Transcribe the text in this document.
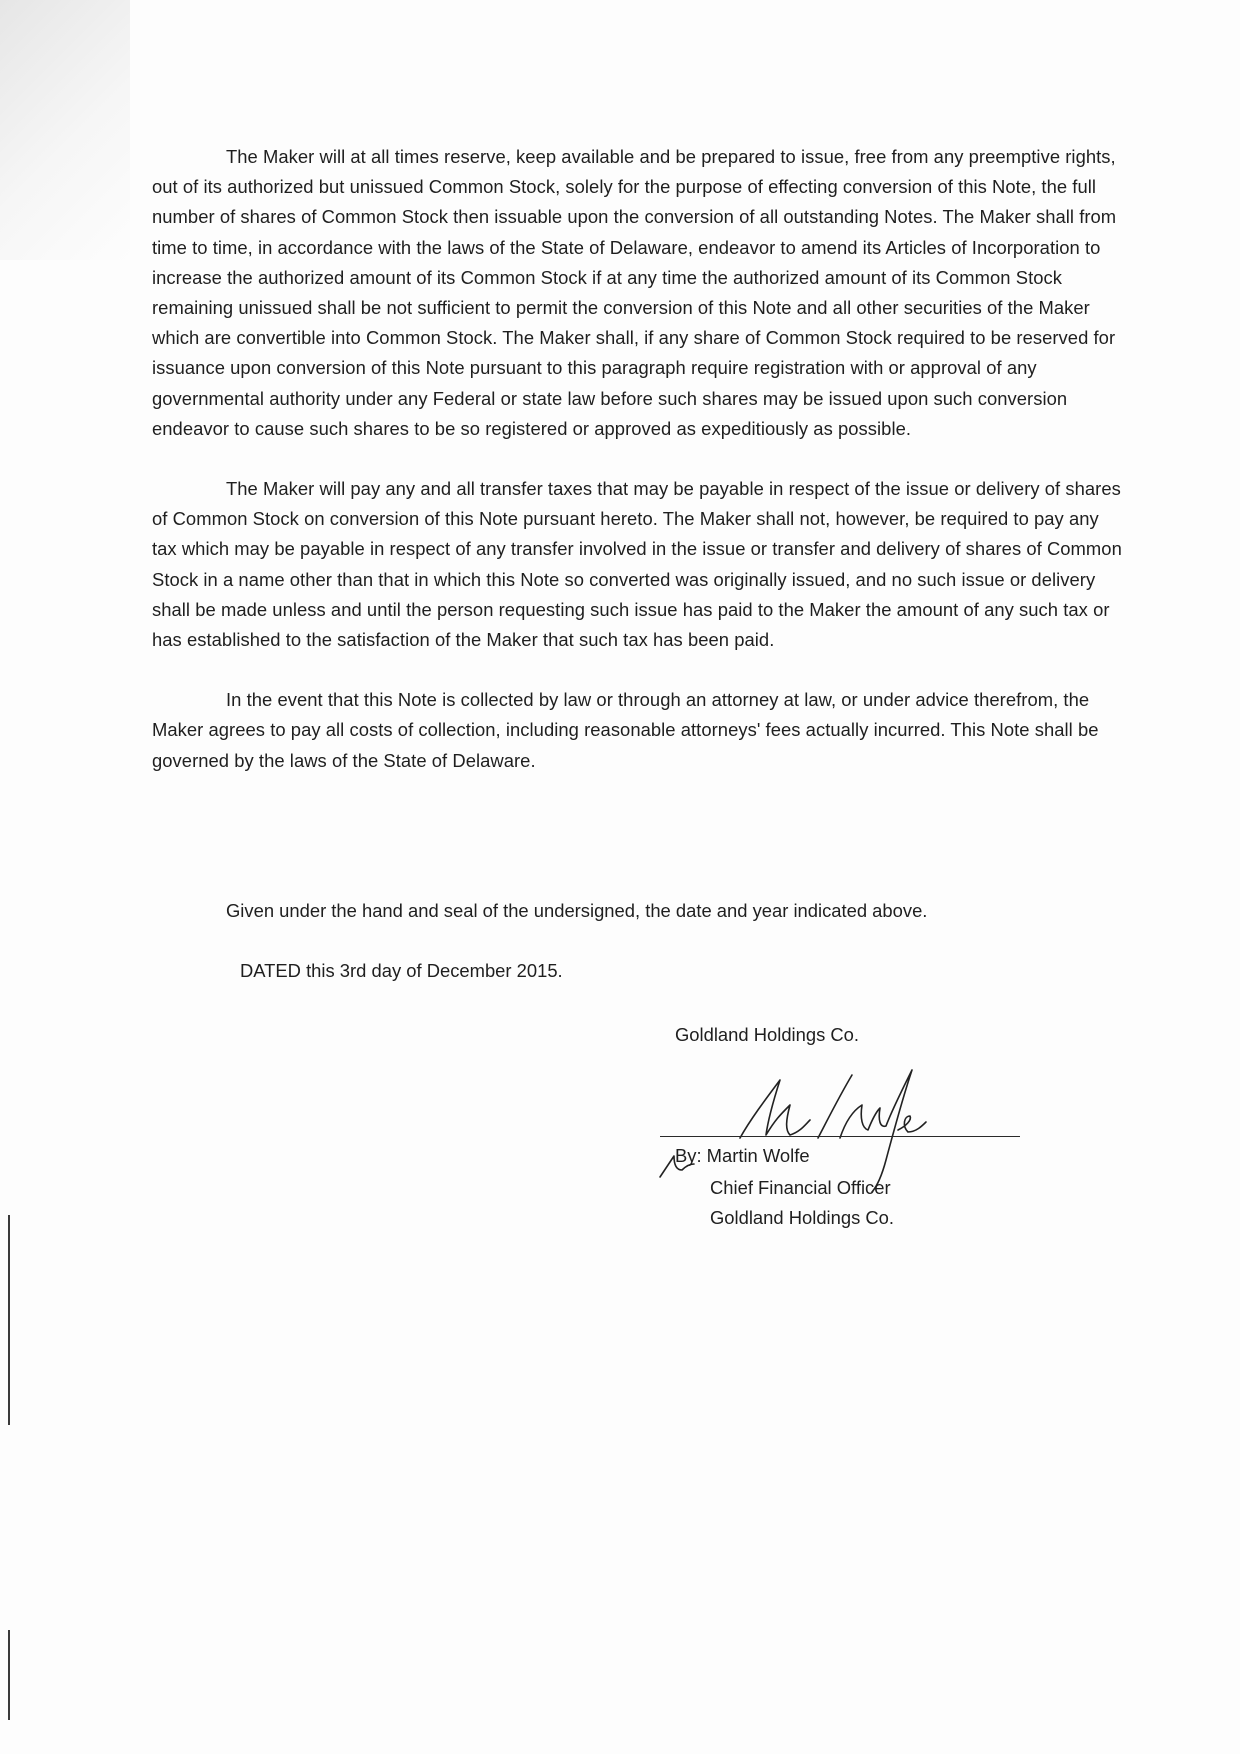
The Maker will at all times reserve, keep available and be prepared to issue, free from any preemptive rights, out of its authorized but unissued Common Stock, solely for the purpose of effecting conversion of this Note, the full number of shares of Common Stock then issuable upon the conversion of all outstanding Notes. The Maker shall from time to time, in accordance with the laws of the State of Delaware, endeavor to amend its Articles of Incorporation to increase the authorized amount of its Common Stock if at any time the authorized amount of its Common Stock remaining unissued shall be not sufficient to permit the conversion of this Note and all other securities of the Maker which are convertible into Common Stock. The Maker shall, if any share of Common Stock required to be reserved for issuance upon conversion of this Note pursuant to this paragraph require registration with or approval of any governmental authority under any Federal or state law before such shares may be issued upon such conversion endeavor to cause such shares to be so registered or approved as expeditiously as possible.

The Maker will pay any and all transfer taxes that may be payable in respect of the issue or delivery of shares of Common Stock on conversion of this Note pursuant hereto. The Maker shall not, however, be required to pay any tax which may be payable in respect of any transfer involved in the issue or transfer and delivery of shares of Common Stock in a name other than that in which this Note so converted was originally issued, and no such issue or delivery shall be made unless and until the person requesting such issue has paid to the Maker the amount of any such tax or has established to the satisfaction of the Maker that such tax has been paid.

In the event that this Note is collected by law or through an attorney at law, or under advice therefrom, the Maker agrees to pay all costs of collection, including reasonable attorneys' fees actually incurred. This Note shall be governed by the laws of the State of Delaware.

Given under the hand and seal of the undersigned, the date and year indicated above.
DATED this 3rd day of December 2015.
Goldland Holdings Co.
By: Martin Wolfe
Chief Financial Officer
Goldland Holdings Co.
